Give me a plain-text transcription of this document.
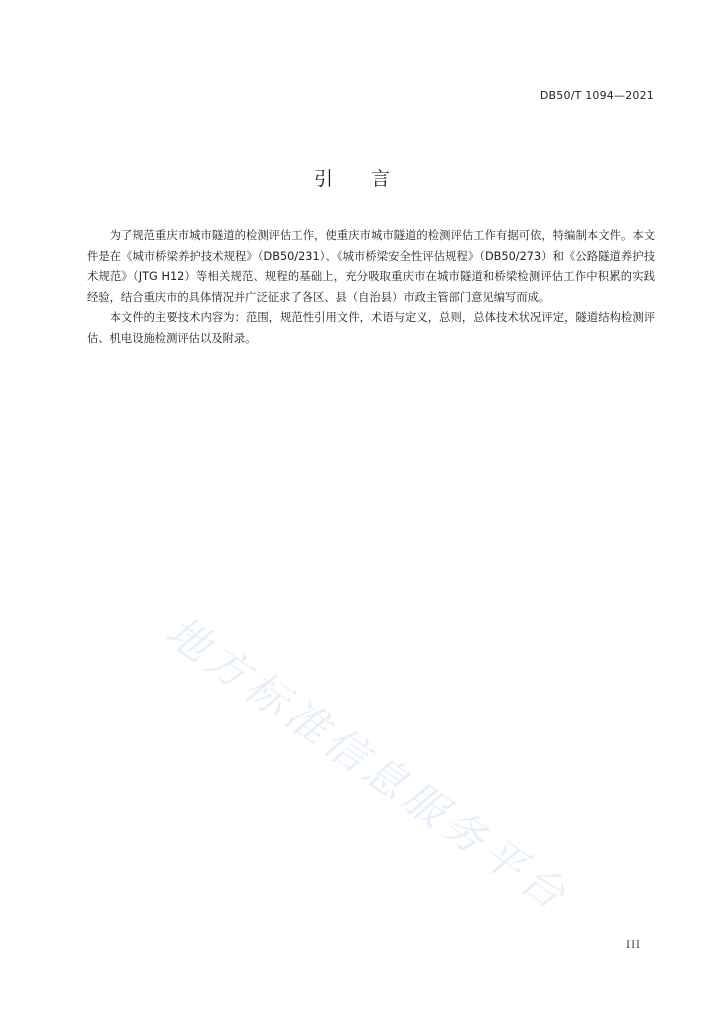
DB50/T 1094—2021
引言

为了规范重庆市城市隧道的检测评估工作，使重庆市城市隧道的检测评估工作有据可依，特编制本文件。本文件是在《城市桥梁养护技术规程》（DB50/231）、《城市桥梁安全性评估规程》（DB50/273）和《公路隧道养护技术规范》（JTG H12）等相关规范、规程的基础上，充分吸取重庆市在城市隧道和桥梁检测评估工作中积累的实践经验，结合重庆市的具体情况并广泛征求了各区、县（自治县）市政主管部门意见编写而成。

本文件的主要技术内容为：范围，规范性引用文件，术语与定义，总则，总体技术状况评定，隧道结构检测评估、机电设施检测评估以及附录。

地方标准信息服务平台
III
